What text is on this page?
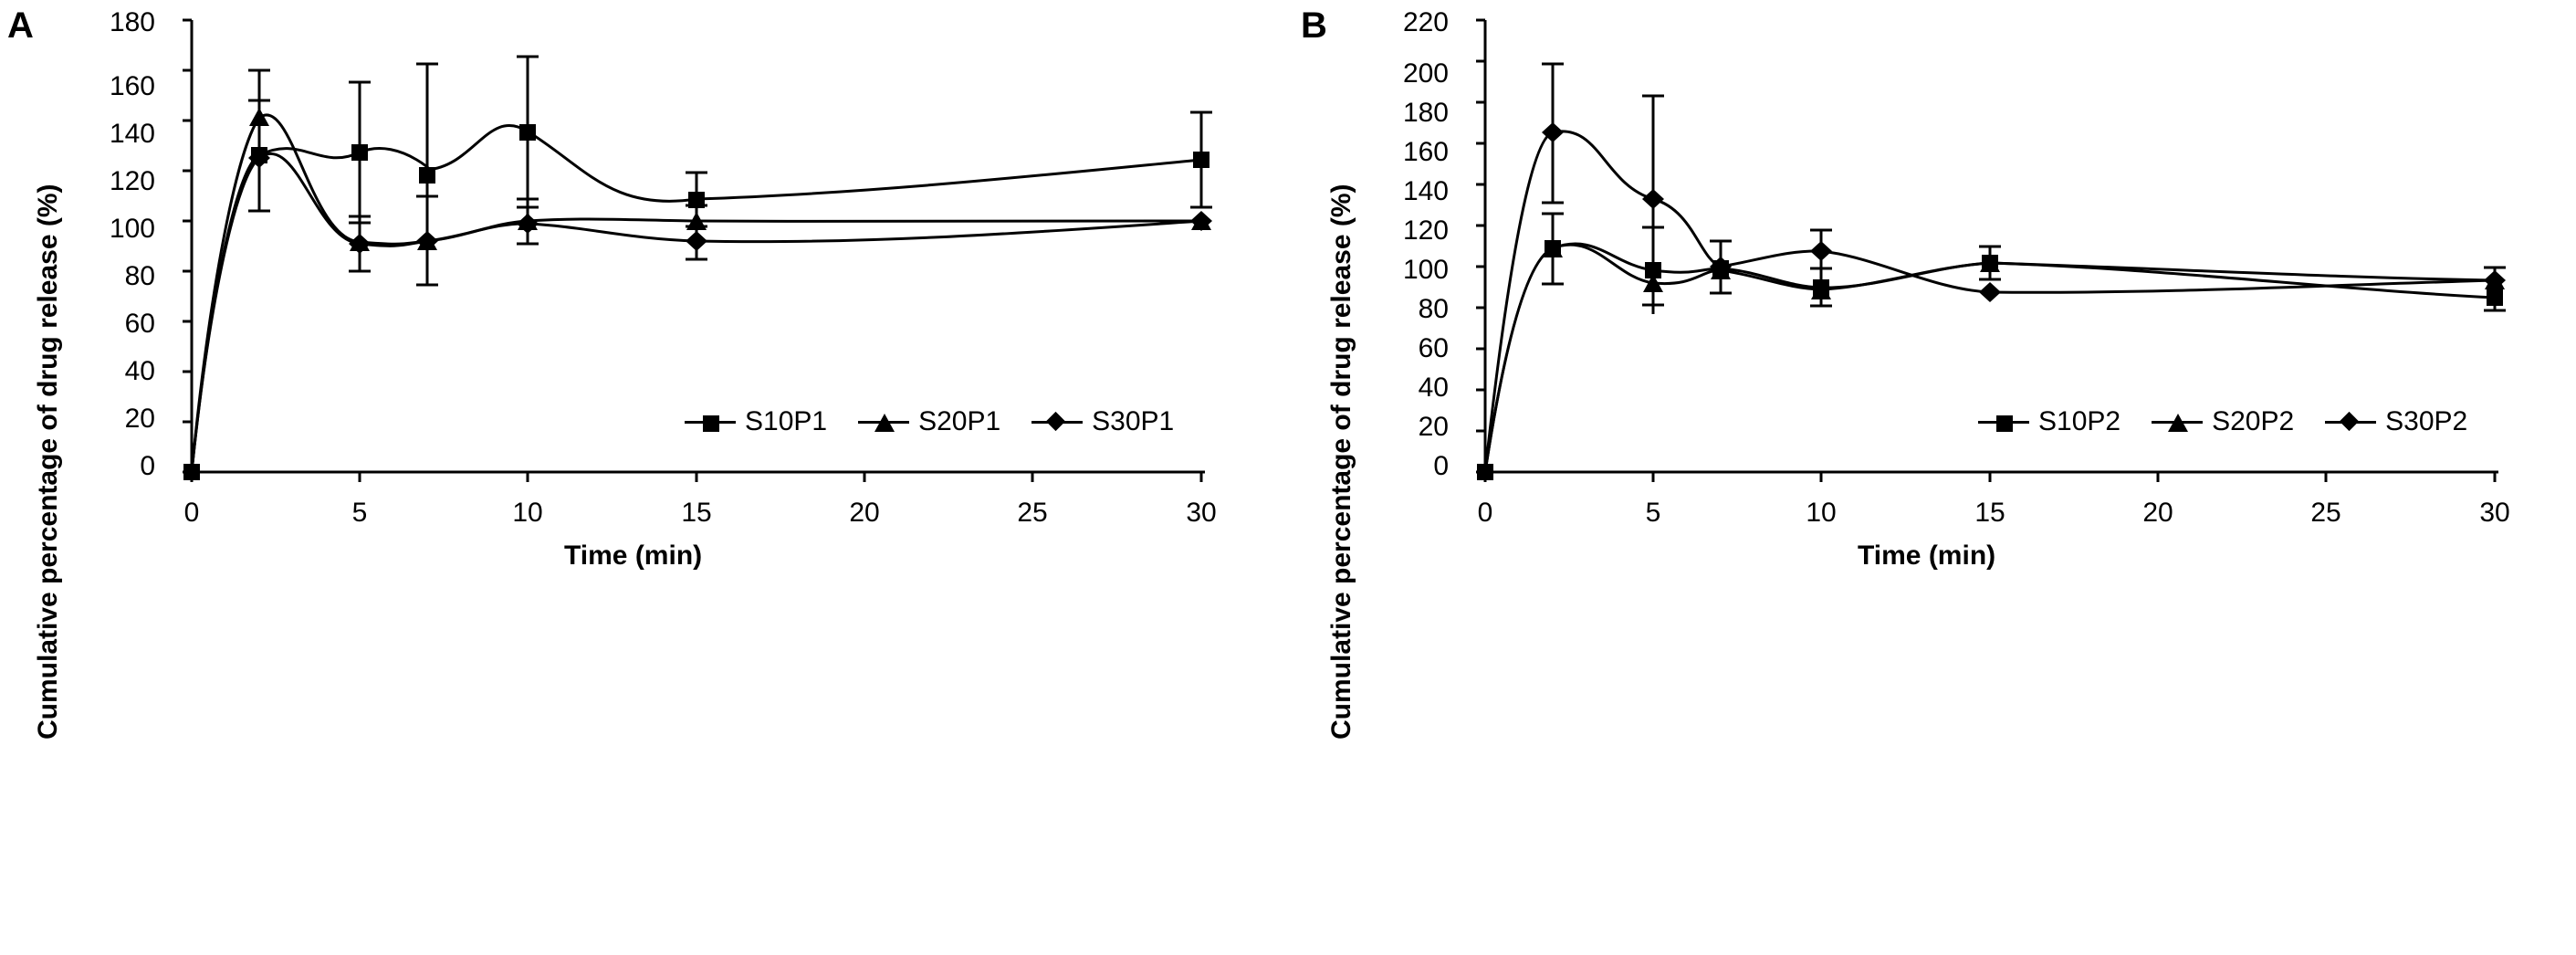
A
Cumulative percentage of drug release (%)	0
20
40
60
80
100
120
140
160
180
0	5	10	15	20	25	30
Time (min)
S10P1	S20P1	S30P1
B
Cumulative percentage of drug release (%)	0
20
40
60
80
100
120
140
160
180
200
220
0	5	10	15	20	25	30
Time (min)
S10P2	S20P2	S30P2
